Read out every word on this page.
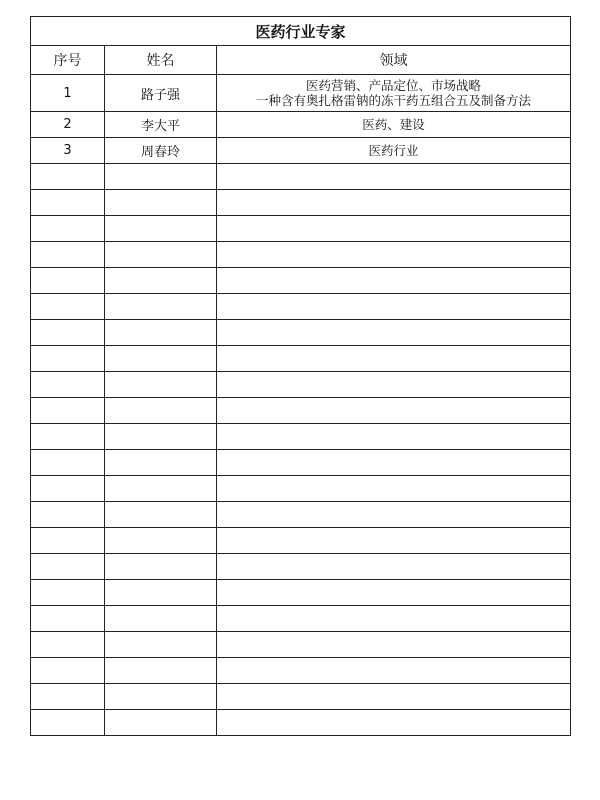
医药行业专家		
序号	姓名	领域
1	路子强	医药营销、产品定位、市场战略
一种含有奥扎格雷钠的冻干药五组合五及制备方法

2	李大平	医药、建设

3	周春玲	医药行业
